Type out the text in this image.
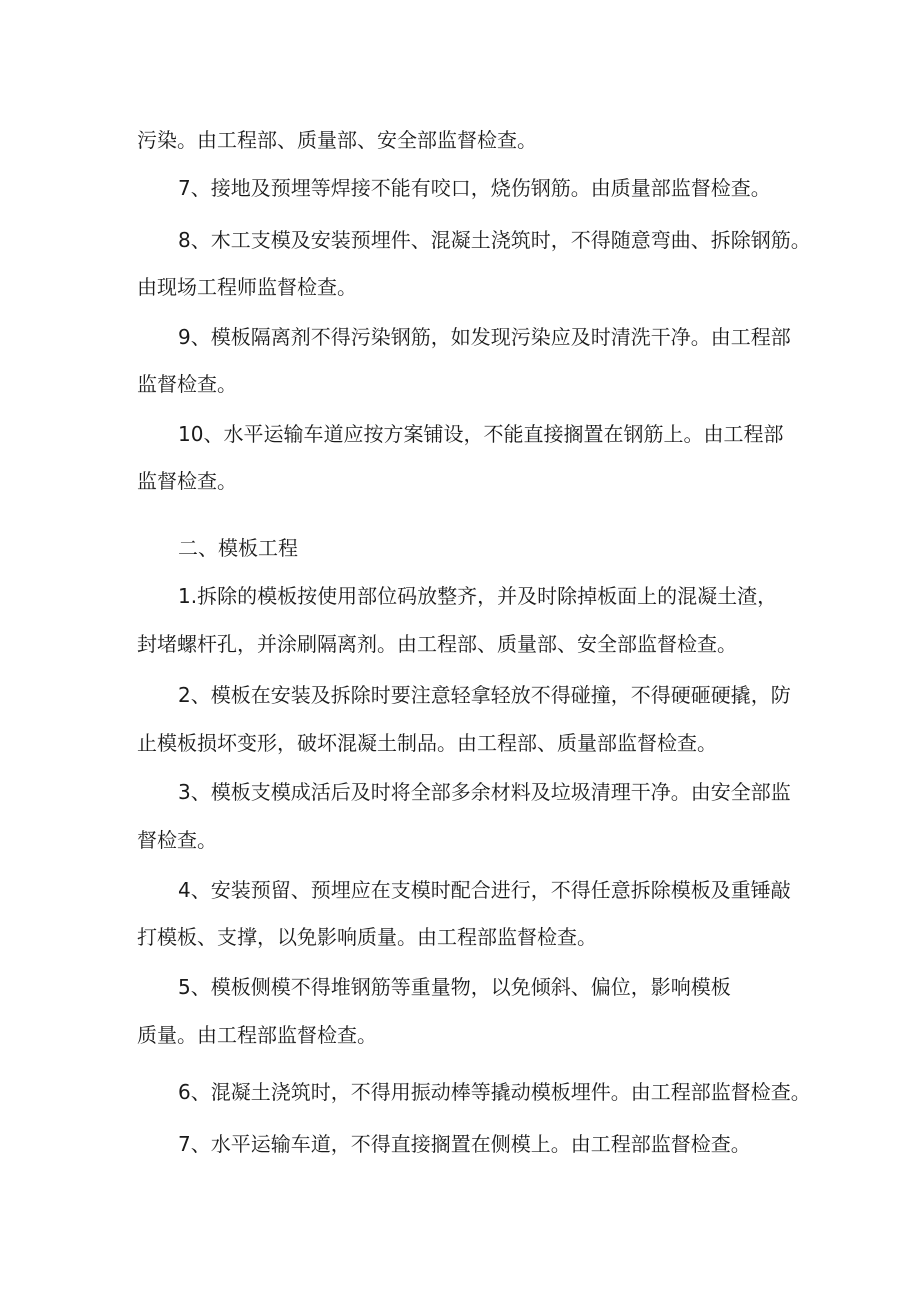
污染。由工程部、质量部、安全部监督检查。
7、接地及预埋等焊接不能有咬口，烧伤钢筋。由质量部监督检查。
8、木工支模及安装预埋件、混凝土浇筑时，不得随意弯曲、拆除钢筋。
由现场工程师监督检查。
9、模板隔离剂不得污染钢筋，如发现污染应及时清洗干净。由工程部
监督检查。
10、水平运输车道应按方案铺设，不能直接搁置在钢筋上。由工程部
监督检查。
二、模板工程
1.拆除的模板按使用部位码放整齐，并及时除掉板面上的混凝土渣，
封堵螺杆孔，并涂刷隔离剂。由工程部、质量部、安全部监督检查。
2、模板在安装及拆除时要注意轻拿轻放不得碰撞，不得硬砸硬撬，防
止模板损坏变形，破坏混凝土制品。由工程部、质量部监督检查。
3、模板支模成活后及时将全部多余材料及垃圾清理干净。由安全部监
督检查。
4、安装预留、预埋应在支模时配合进行，不得任意拆除模板及重锤敲
打模板、支撑，以免影响质量。由工程部监督检查。
5、模板侧模不得堆钢筋等重量物，以免倾斜、偏位，影响模板
质量。由工程部监督检查。
6、混凝土浇筑时，不得用振动棒等撬动模板埋件。由工程部监督检查。
7、水平运输车道，不得直接搁置在侧模上。由工程部监督检查。
